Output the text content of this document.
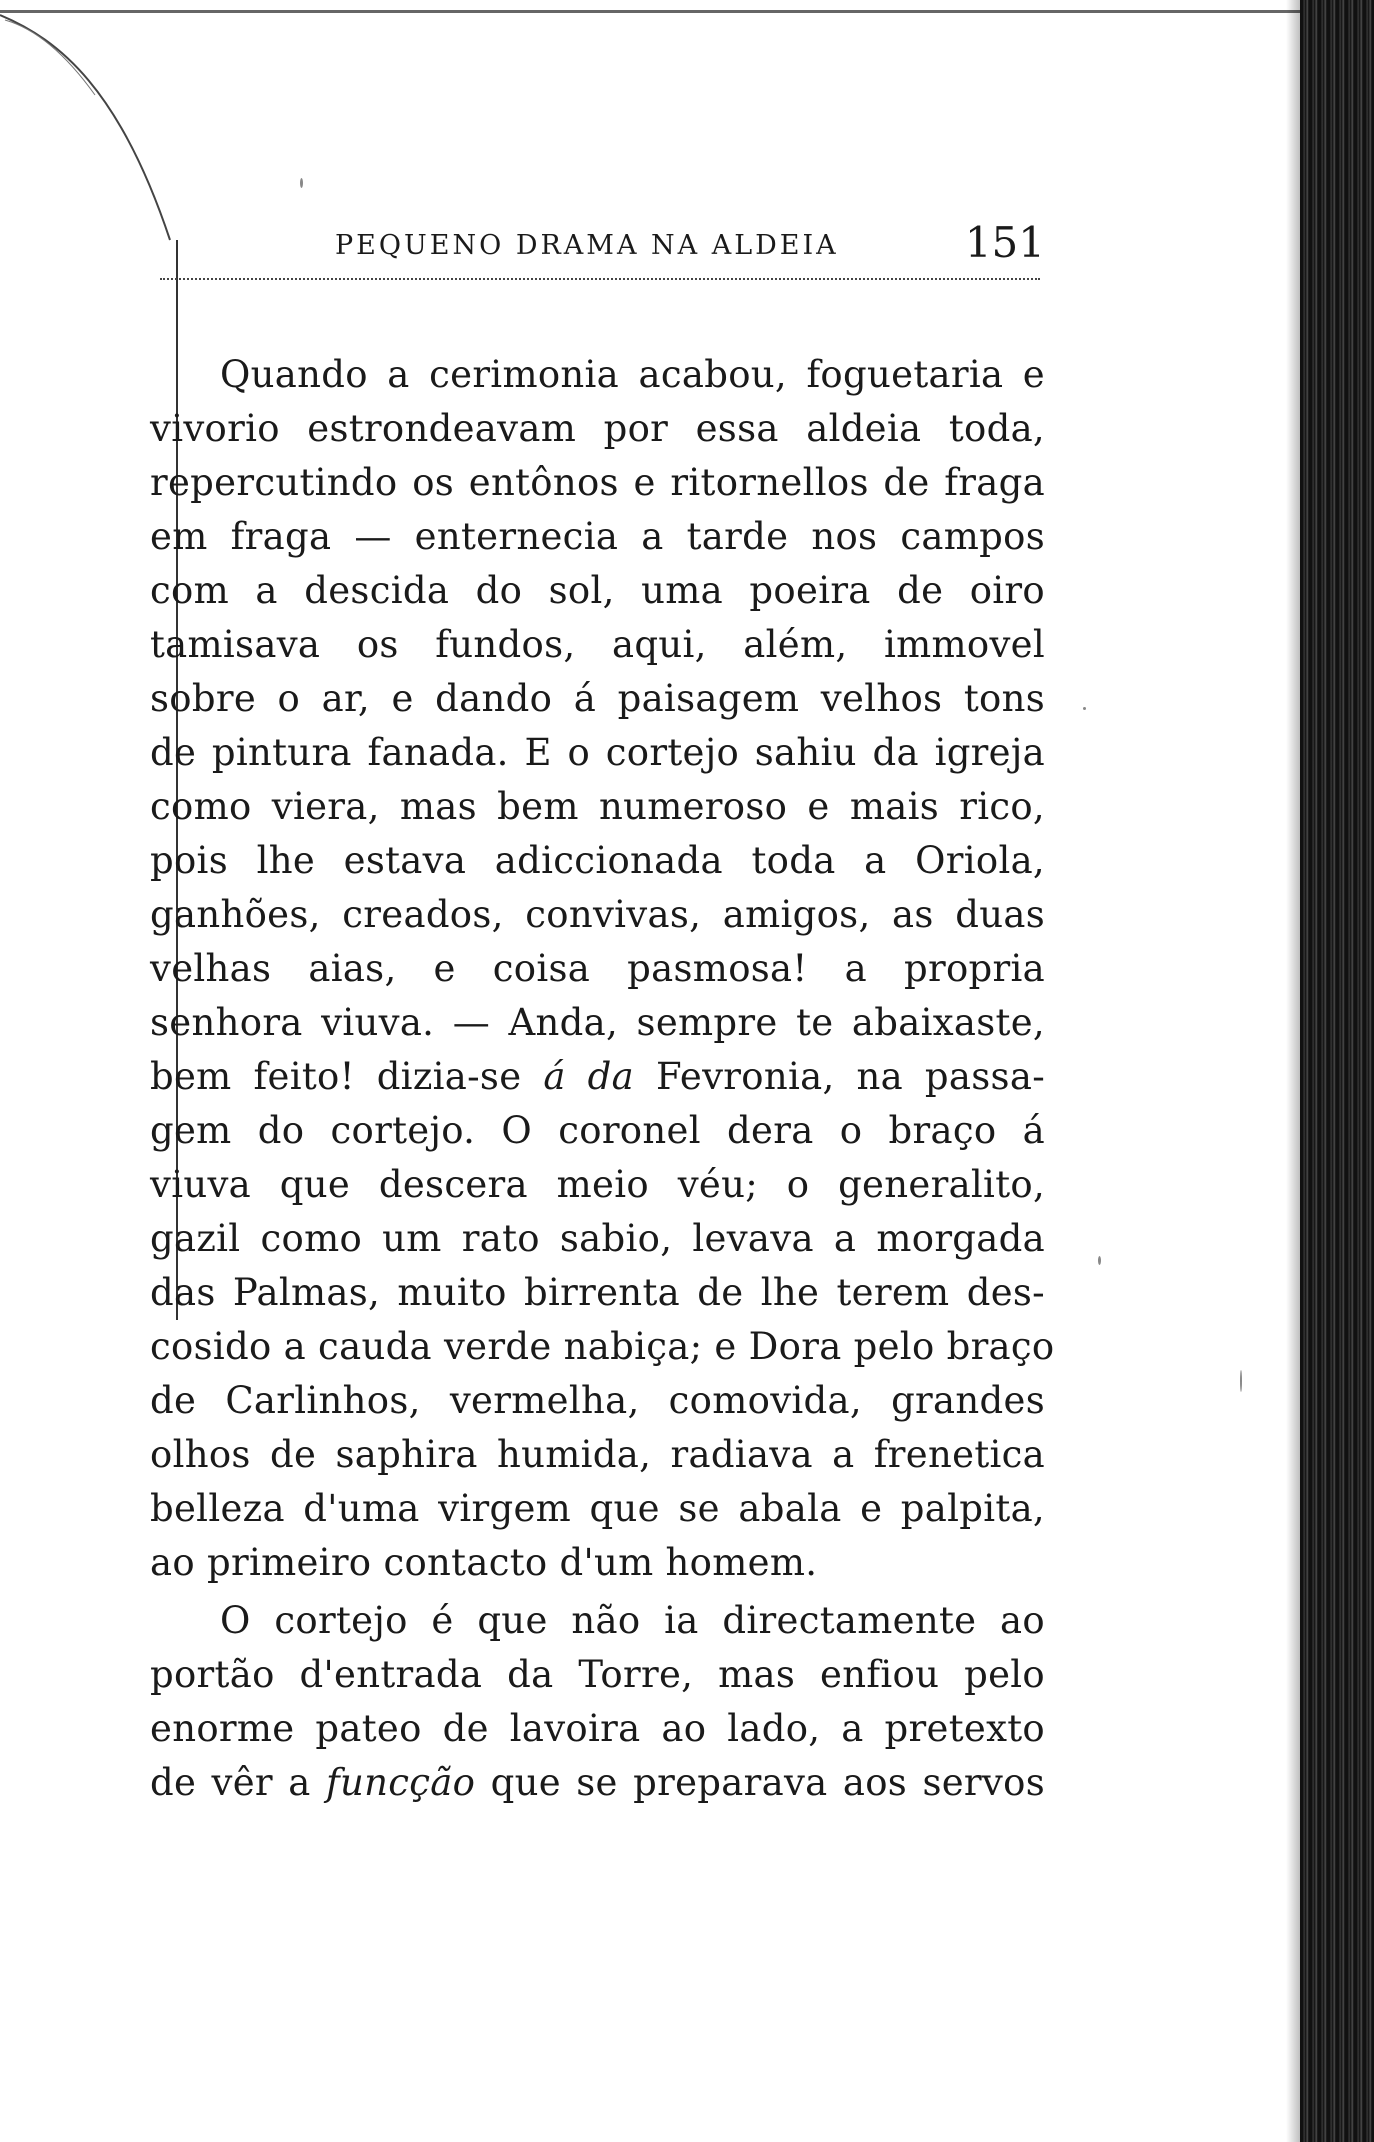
PEQUENO DRAMA NA ALDEIA	151
Quando a cerimonia acabou, foguetaria e
vivorio estrondeavam por essa aldeia toda,
repercutindo os entônos e ritornellos de fraga
em fraga — enternecia a tarde nos campos
com a descida do sol, uma poeira de oiro
tamisava os fundos, aqui, além, immovel
sobre o ar, e dando á paisagem velhos tons
de pintura fanada. E o cortejo sahiu da igreja
como viera, mas bem numeroso e mais rico,
pois lhe estava adiccionada toda a Oriola,
ganhões, creados, convivas, amigos, as duas
velhas aias, e coisa pasmosa! a propria
senhora viuva. — Anda, sempre te abaixaste,
bem feito! dizia-se á da Fevronia, na passa-
gem do cortejo. O coronel dera o braço á
viuva que descera meio véu; o generalito,
gazil como um rato sabio, levava a morgada
das Palmas, muito birrenta de lhe terem des-
cosido a cauda verde nabiça; e Dora pelo braço
de Carlinhos, vermelha, comovida, grandes
olhos de saphira humida, radiava a frenetica
belleza d'uma virgem que se abala e palpita,
ao primeiro contacto d'um homem.
O cortejo é que não ia directamente ao
portão d'entrada da Torre, mas enfiou pelo
enorme pateo de lavoira ao lado, a pretexto
de vêr a funcção que se preparava aos servos
